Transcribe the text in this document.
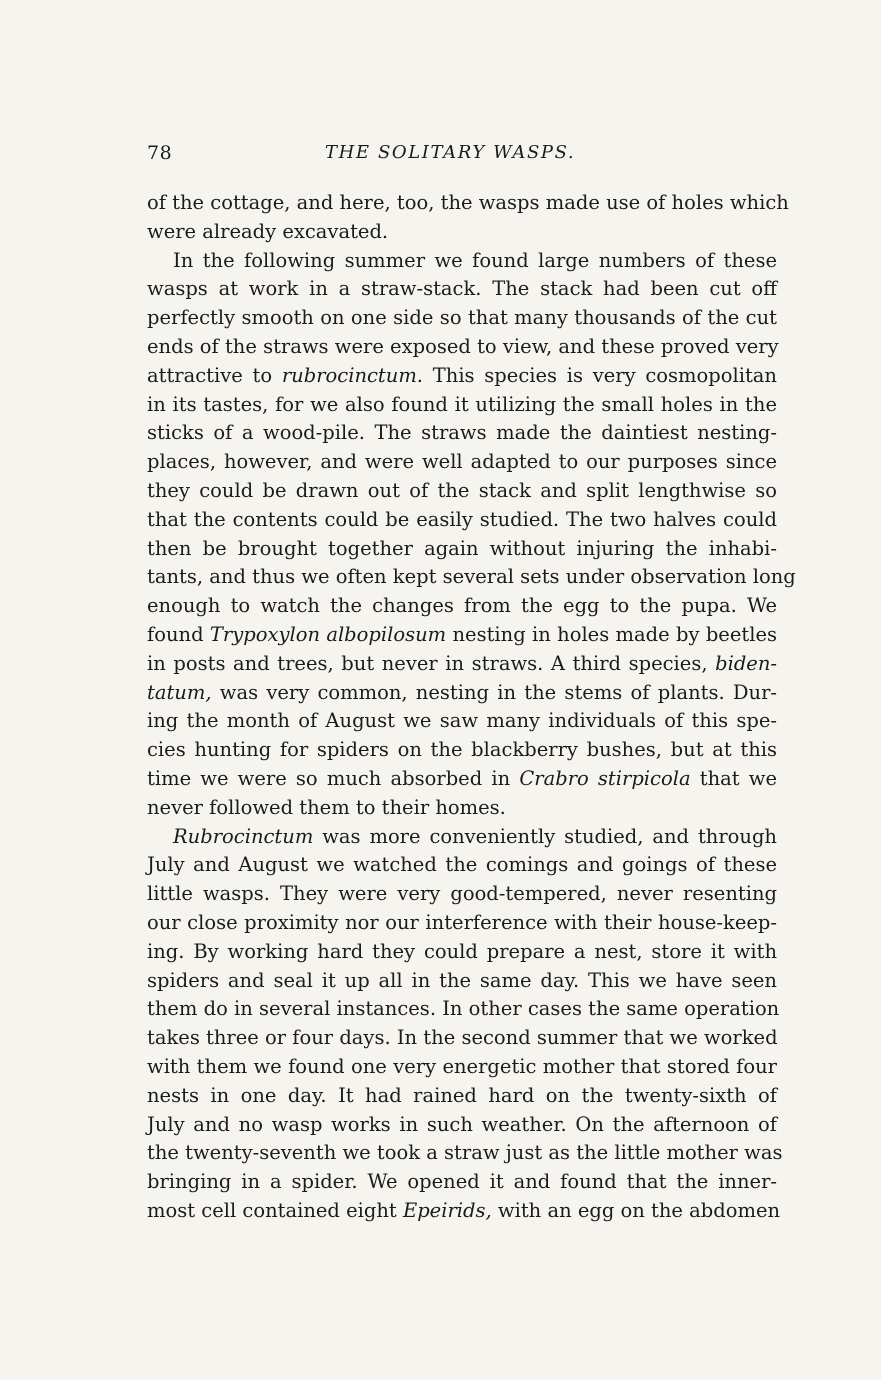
78	THE SOLITARY WASPS.
of the cottage, and here, too, the wasps made use of holes which
were already excavated.
In the following summer we found large numbers of these
wasps at work in a straw-stack. The stack had been cut off
perfectly smooth on one side so that many thousands of the cut
ends of the straws were exposed to view, and these proved very
attractive to rubrocinctum. This species is very cosmopolitan
in its tastes, for we also found it utilizing the small holes in the
sticks of a wood-pile. The straws made the daintiest nesting-
places, however, and were well adapted to our purposes since
they could be drawn out of the stack and split lengthwise so
that the contents could be easily studied. The two halves could
then be brought together again without injuring the inhabi-
tants, and thus we often kept several sets under observation long
enough to watch the changes from the egg to the pupa. We
found Trypoxylon albopilosum nesting in holes made by beetles
in posts and trees, but never in straws. A third species, biden-
tatum, was very common, nesting in the stems of plants. Dur-
ing the month of August we saw many individuals of this spe-
cies hunting for spiders on the blackberry bushes, but at this
time we were so much absorbed in Crabro stirpicola that we
never followed them to their homes.
Rubrocinctum was more conveniently studied, and through
July and August we watched the comings and goings of these
little wasps. They were very good-tempered, never resenting
our close proximity nor our interference with their house-keep-
ing. By working hard they could prepare a nest, store it with
spiders and seal it up all in the same day. This we have seen
them do in several instances. In other cases the same operation
takes three or four days. In the second summer that we worked
with them we found one very energetic mother that stored four
nests in one day. It had rained hard on the twenty-sixth of
July and no wasp works in such weather. On the afternoon of
the twenty-seventh we took a straw just as the little mother was
bringing in a spider. We opened it and found that the inner-
most cell contained eight Epeirids, with an egg on the abdomen
